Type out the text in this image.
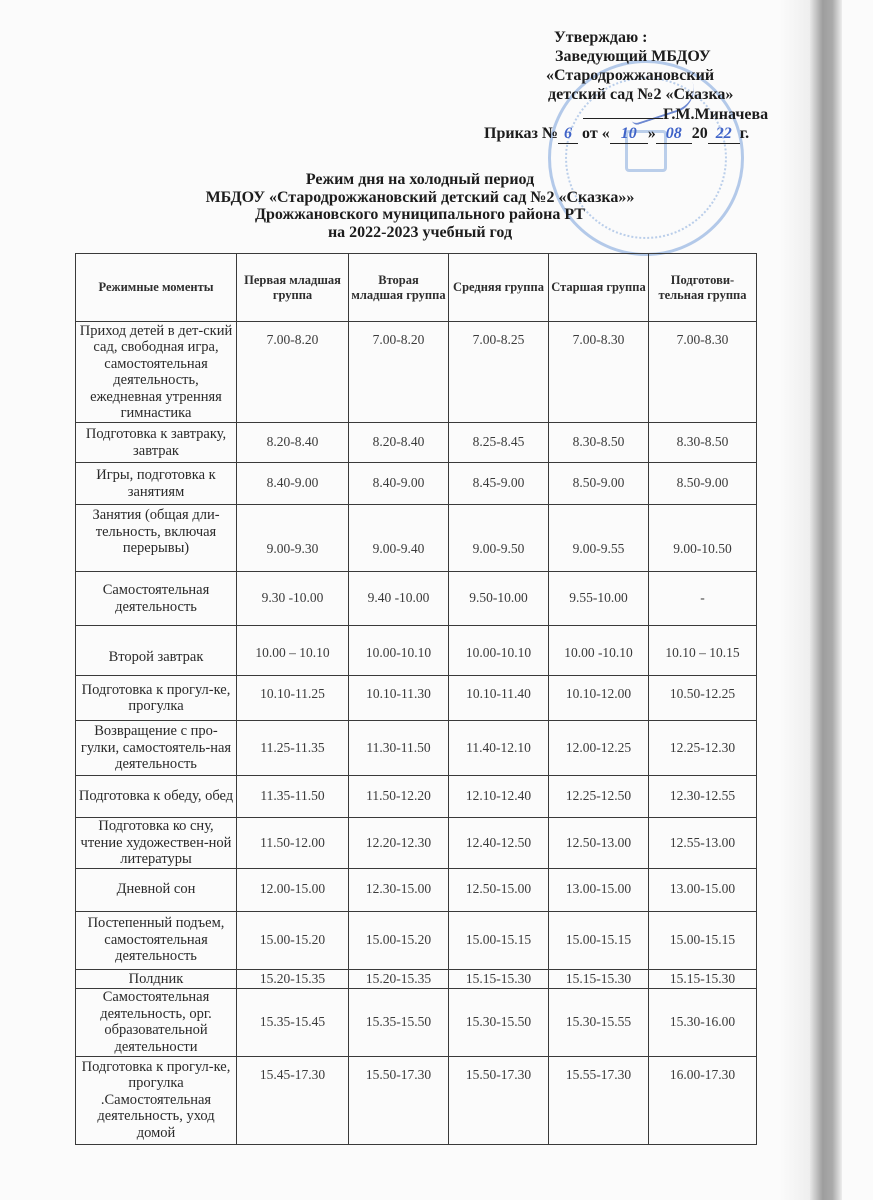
Утверждаю :
Заведующий МБДОУ
«Стародрожжановский
детский сад №2 «Сказка»
Г.М.Миначева
Приказ № 6 от « 10 » 08 20 22 г.
Режим дня на холодный период
МБДОУ «Стародрожжановский детский сад №2 «Сказка»»
Дрожжановского муниципального района РТ
на 2022-2023 учебный год
Режимные моменты	Первая младшая группа	Вторая младшая группа	Средняя группа	Старшая группа	Подготови-тельная группа
Приход детей в дет-ский сад, свободная игра, самостоятельная деятельность, ежедневная утренняя гимнастика	7.00-8.20	7.00-8.20	7.00-8.25	7.00-8.30	7.00-8.30
Подготовка к завтраку, завтрак	8.20-8.40	8.20-8.40	8.25-8.45	8.30-8.50	8.30-8.50
Игры, подготовка к занятиям	8.40-9.00	8.40-9.00	8.45-9.00	8.50-9.00	8.50-9.00
Занятия (общая дли-тельность, включая перерывы)	9.00-9.30	9.00-9.40	9.00-9.50	9.00-9.55	9.00-10.50
Самостоятельная деятельность	9.30 -10.00	9.40 -10.00	9.50-10.00	9.55-10.00	-
Второй завтрак	10.00 – 10.10	10.00-10.10	10.00-10.10	10.00 -10.10	10.10 – 10.15
Подготовка к прогул-ке, прогулка	10.10-11.25	10.10-11.30	10.10-11.40	10.10-12.00	10.50-12.25
Возвращение с про-гулки, самостоятель-ная деятельность	11.25-11.35	11.30-11.50	11.40-12.10	12.00-12.25	12.25-12.30
Подготовка к обеду, обед	11.35-11.50	11.50-12.20	12.10-12.40	12.25-12.50	12.30-12.55
Подготовка ко сну, чтение художествен-ной литературы	11.50-12.00	12.20-12.30	12.40-12.50	12.50-13.00	12.55-13.00
Дневной сон	12.00-15.00	12.30-15.00	12.50-15.00	13.00-15.00	13.00-15.00
Постепенный подъем, самостоятельная деятельность	15.00-15.20	15.00-15.20	15.00-15.15	15.00-15.15	15.00-15.15
Полдник	15.20-15.35	15.20-15.35	15.15-15.30	15.15-15.30	15.15-15.30
Самостоятельная деятельность, орг. образовательной деятельности	15.35-15.45	15.35-15.50	15.30-15.50	15.30-15.55	15.30-16.00
Подготовка к прогул-ке, прогулка .Самостоятельная деятельность, уход домой	15.45-17.30	15.50-17.30	15.50-17.30	15.55-17.30	16.00-17.30
